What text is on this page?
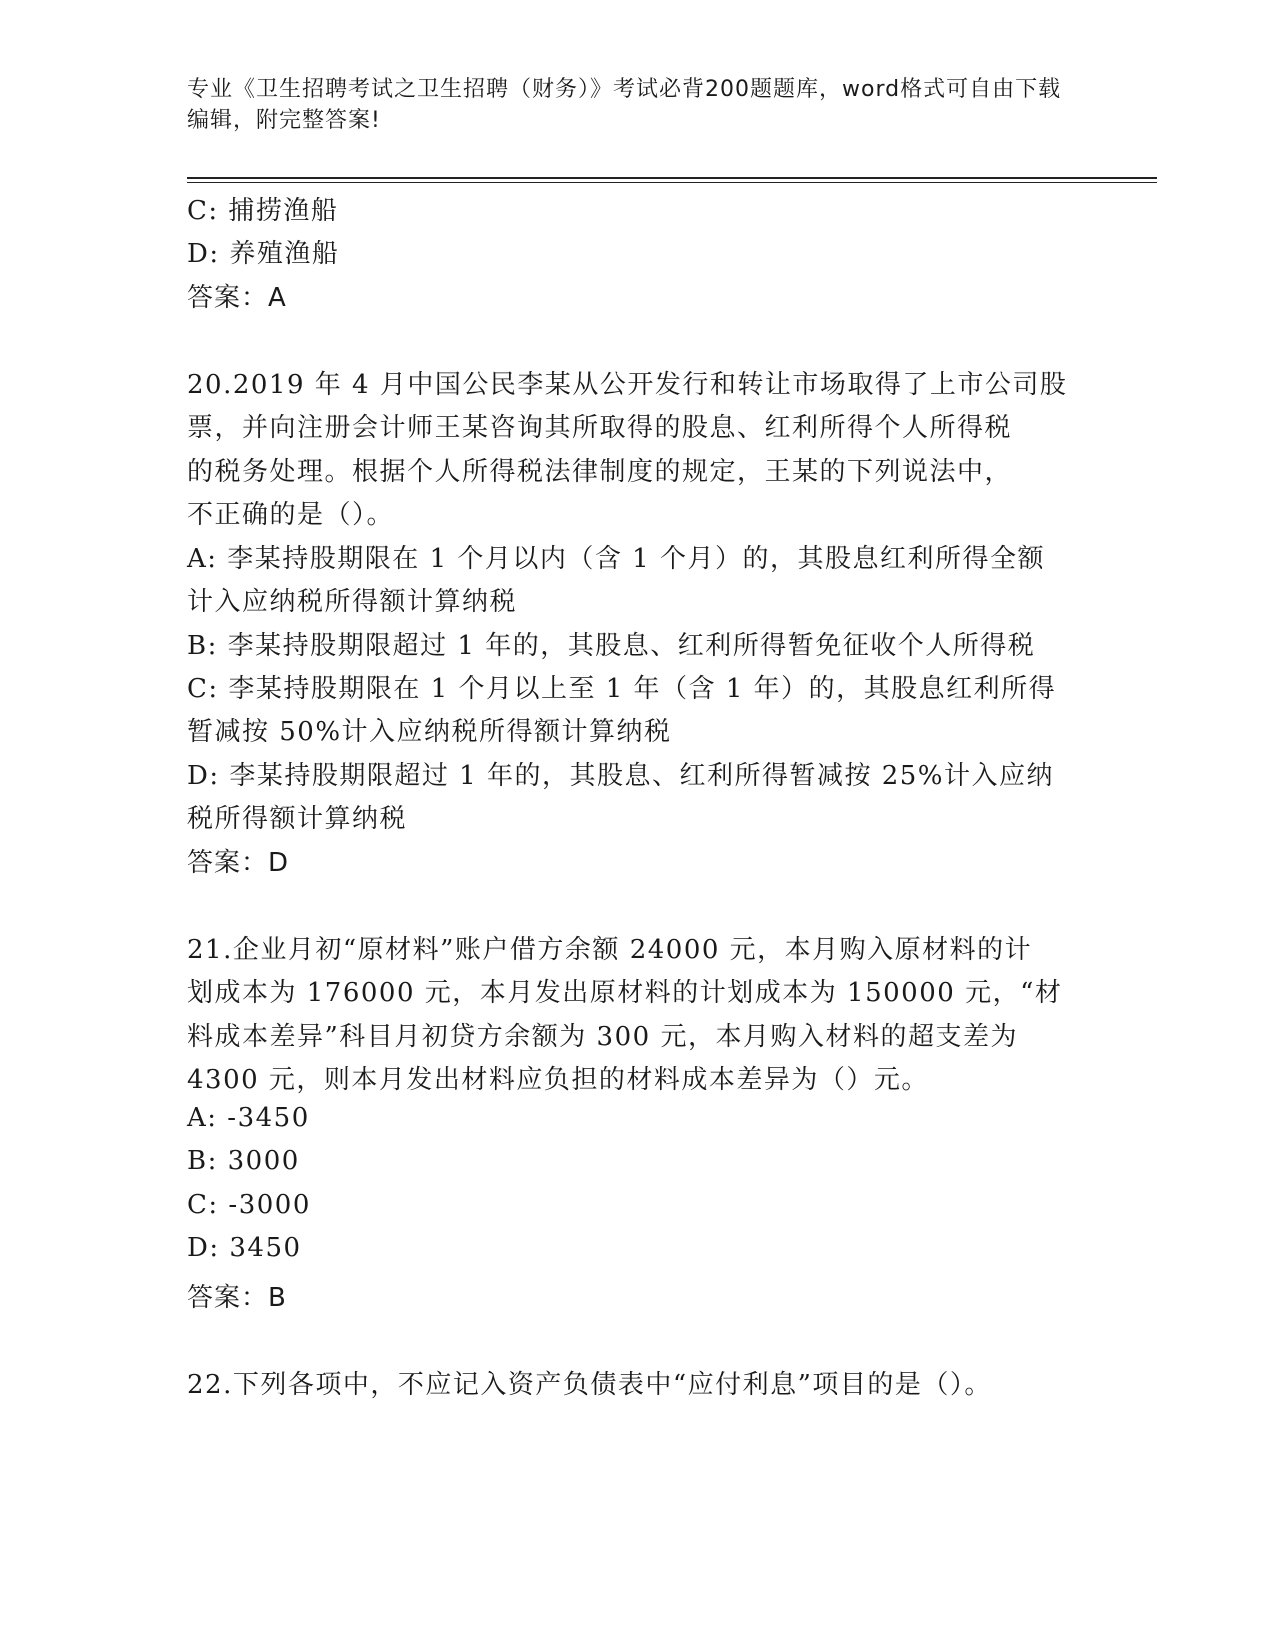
专业《卫生招聘考试之卫生招聘（财务）》考试必背200题题库，word格式可自由下载编辑，附完整答案!
C: 捕捞渔船
D: 养殖渔船
答案：A
20.2019 年 4 月中国公民李某从公开发行和转让市场取得了上市公司股
票，并向注册会计师王某咨询其所取得的股息、红利所得个人所得税
的税务处理。根据个人所得税法律制度的规定，王某的下列说法中，
不正确的是（）。
A: 李某持股期限在 1 个月以内（含 1 个月）的，其股息红利所得全额
计入应纳税所得额计算纳税
B: 李某持股期限超过 1 年的，其股息、红利所得暂免征收个人所得税
C: 李某持股期限在 1 个月以上至 1 年（含 1 年）的，其股息红利所得
暂减按 50%计入应纳税所得额计算纳税
D: 李某持股期限超过 1 年的，其股息、红利所得暂减按 25%计入应纳
税所得额计算纳税
答案：D
21.企业月初“原材料”账户借方余额 24000 元，本月购入原材料的计
划成本为 176000 元，本月发出原材料的计划成本为 150000 元，“材
料成本差异”科目月初贷方余额为 300 元，本月购入材料的超支差为
4300 元，则本月发出材料应负担的材料成本差异为（）元。
A: -3450
B: 3000
C: -3000
D: 3450
答案：B
22.下列各项中，不应记入资产负债表中“应付利息”项目的是（）。
